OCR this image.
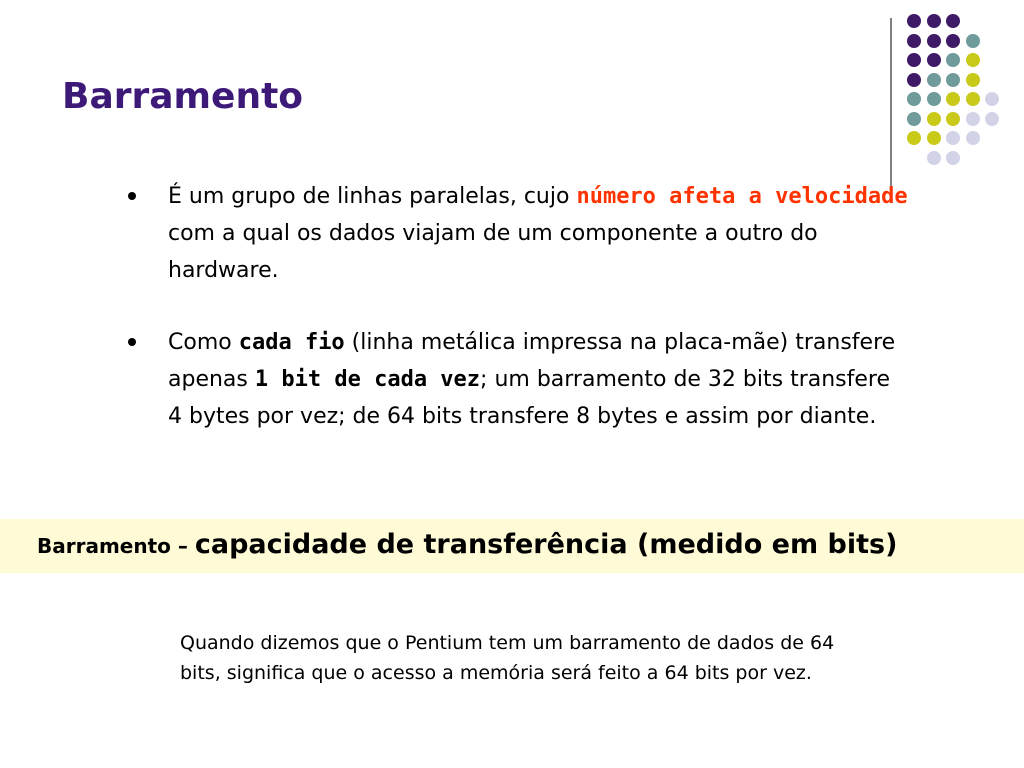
Barramento
É um grupo de linhas paralelas, cujo número afeta a velocidade com a qual os dados viajam de um componente a outro do hardware.
Como cada fio (linha metálica impressa na placa-mãe) transfere apenas 1 bit de cada vez; um barramento de 32 bits transfere 4 bytes por vez; de 64 bits transfere 8 bytes e assim por diante.
Barramento – capacidade de transferência (medido em bits)

Quando dizemos que o Pentium tem um barramento de dados de 64 bits, significa que o acesso a memória será feito a 64 bits por vez.
